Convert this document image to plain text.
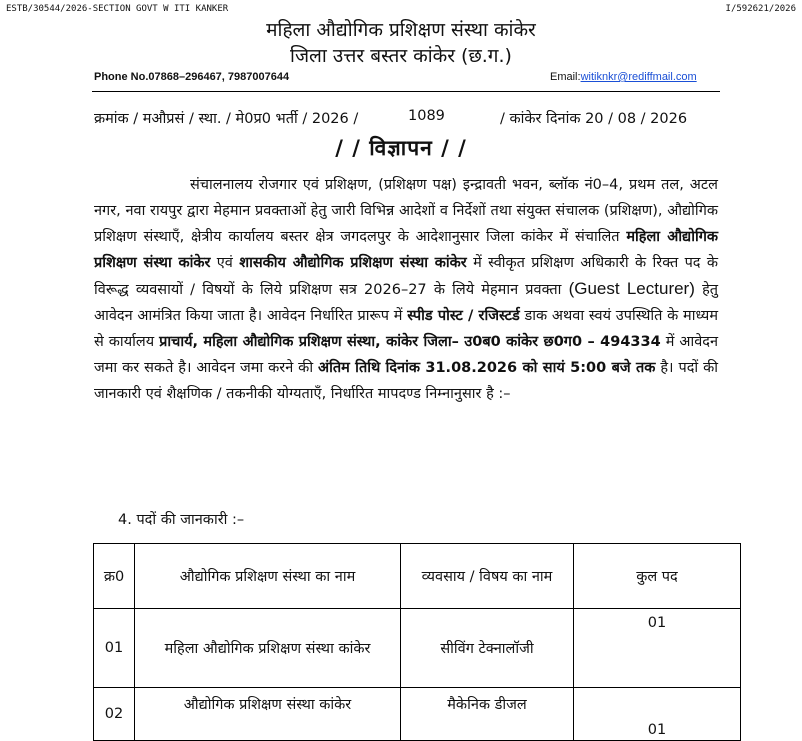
ESTB/30544/2026-SECTION GOVT W ITI KANKER	I/592621/2026
महिला औद्योगिक प्रशिक्षण संस्था कांकेर
जिला उत्तर बस्तर कांकेर (छ.ग.)
Phone No.07868–296467, 7987007644	Email:witiknkr@rediffmail.com
क्रमांक / मऔप्रसं / स्था. / मे0प्र0 भर्ती / 2026 /	1089	/ कांकेर दिनांक 20 / 08 / 2026
/ / विज्ञापन / /
संचालनालय रोजगार एवं प्रशिक्षण, (प्रशिक्षण पक्ष) इन्द्रावती भवन, ब्लॉक नं0–4, प्रथम तल, अटल नगर, नवा रायपुर द्वारा मेहमान प्रवक्ताओं हेतु जारी विभिन्न आदेशों व निर्देशों तथा संयुक्त संचालक (प्रशिक्षण), औद्योगिक प्रशिक्षण संस्थाएँ, क्षेत्रीय कार्यालय बस्तर क्षेत्र जगदलपुर के आदेशानुसार जिला कांकेर में संचालित महिला औद्योगिक प्रशिक्षण संस्था कांकेर एवं शासकीय औद्योगिक प्रशिक्षण संस्था कांकेर में स्वीकृत प्रशिक्षण अधिकारी के रिक्त पद के विरूद्ध व्यवसायों / विषयों के लिये प्रशिक्षण सत्र 2026–27 के लिये मेहमान प्रवक्ता (Guest Lecturer) हेतु आवेदन आमंत्रित किया जाता है। आवेदन निर्धारित प्रारूप में स्पीड पोस्ट / रजिस्टर्ड डाक अथवा स्वयं उपस्थिति के माध्यम से कार्यालय प्राचार्य, महिला औद्योगिक प्रशिक्षण संस्था, कांकेर जिला– उ0ब0 कांकेर छ0ग0 – 494334 में आवेदन जमा कर सकते है। आवेदन जमा करने की अंतिम तिथि दिनांक 31.08.2026 को सायं 5:00 बजे तक है। पदों की जानकारी एवं शैक्षणिक / तकनीकी योग्यताएँ, निर्धारित मापदण्ड निम्नानुसार है :–
4. पदों की जानकारी :–
क्र0	औद्योगिक प्रशिक्षण संस्था का नाम	व्यवसाय / विषय का नाम	कुल पद
01	महिला औद्योगिक प्रशिक्षण संस्था कांकेर	सीविंग टेक्नालॉजी	01
02	औद्योगिक प्रशिक्षण संस्था कांकेर	मैकेनिक डीजल	01
